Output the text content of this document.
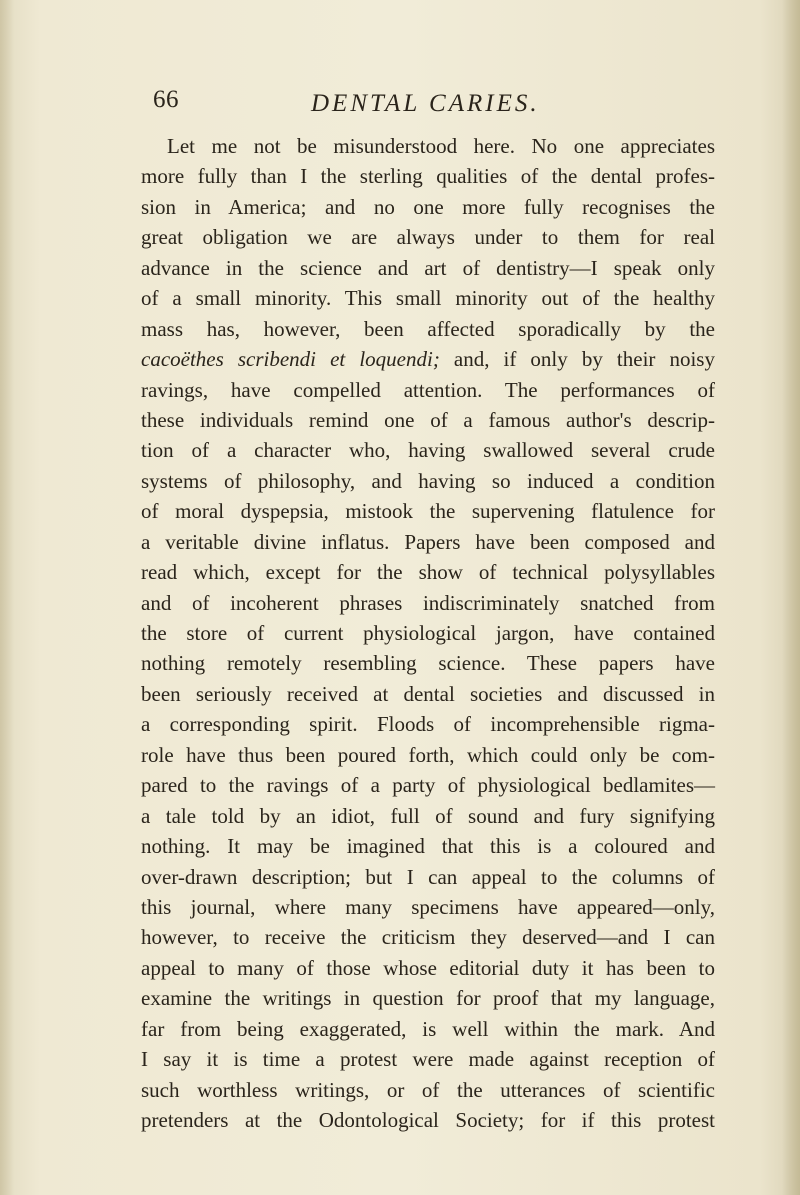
66	DENTAL CARIES.
Let me not be misunderstood here. No one appreciates
more fully than I the sterling qualities of the dental profes-
sion in America; and no one more fully recognises the
great obligation we are always under to them for real
advance in the science and art of dentistry—I speak only
of a small minority. This small minority out of the healthy
mass has, however, been affected sporadically by the
cacoëthes scribendi et loquendi; and, if only by their noisy
ravings, have compelled attention. The performances of
these individuals remind one of a famous author's descrip-
tion of a character who, having swallowed several crude
systems of philosophy, and having so induced a condition
of moral dyspepsia, mistook the supervening flatulence for
a veritable divine inflatus. Papers have been composed and
read which, except for the show of technical polysyllables
and of incoherent phrases indiscriminately snatched from
the store of current physiological jargon, have contained
nothing remotely resembling science. These papers have
been seriously received at dental societies and discussed in
a corresponding spirit. Floods of incomprehensible rigma-
role have thus been poured forth, which could only be com-
pared to the ravings of a party of physiological bedlamites—
a tale told by an idiot, full of sound and fury signifying
nothing. It may be imagined that this is a coloured and
over-drawn description; but I can appeal to the columns of
this journal, where many specimens have appeared—only,
however, to receive the criticism they deserved—and I can
appeal to many of those whose editorial duty it has been to
examine the writings in question for proof that my language,
far from being exaggerated, is well within the mark. And
I say it is time a protest were made against reception of
such worthless writings, or of the utterances of scientific
pretenders at the Odontological Society; for if this protest
